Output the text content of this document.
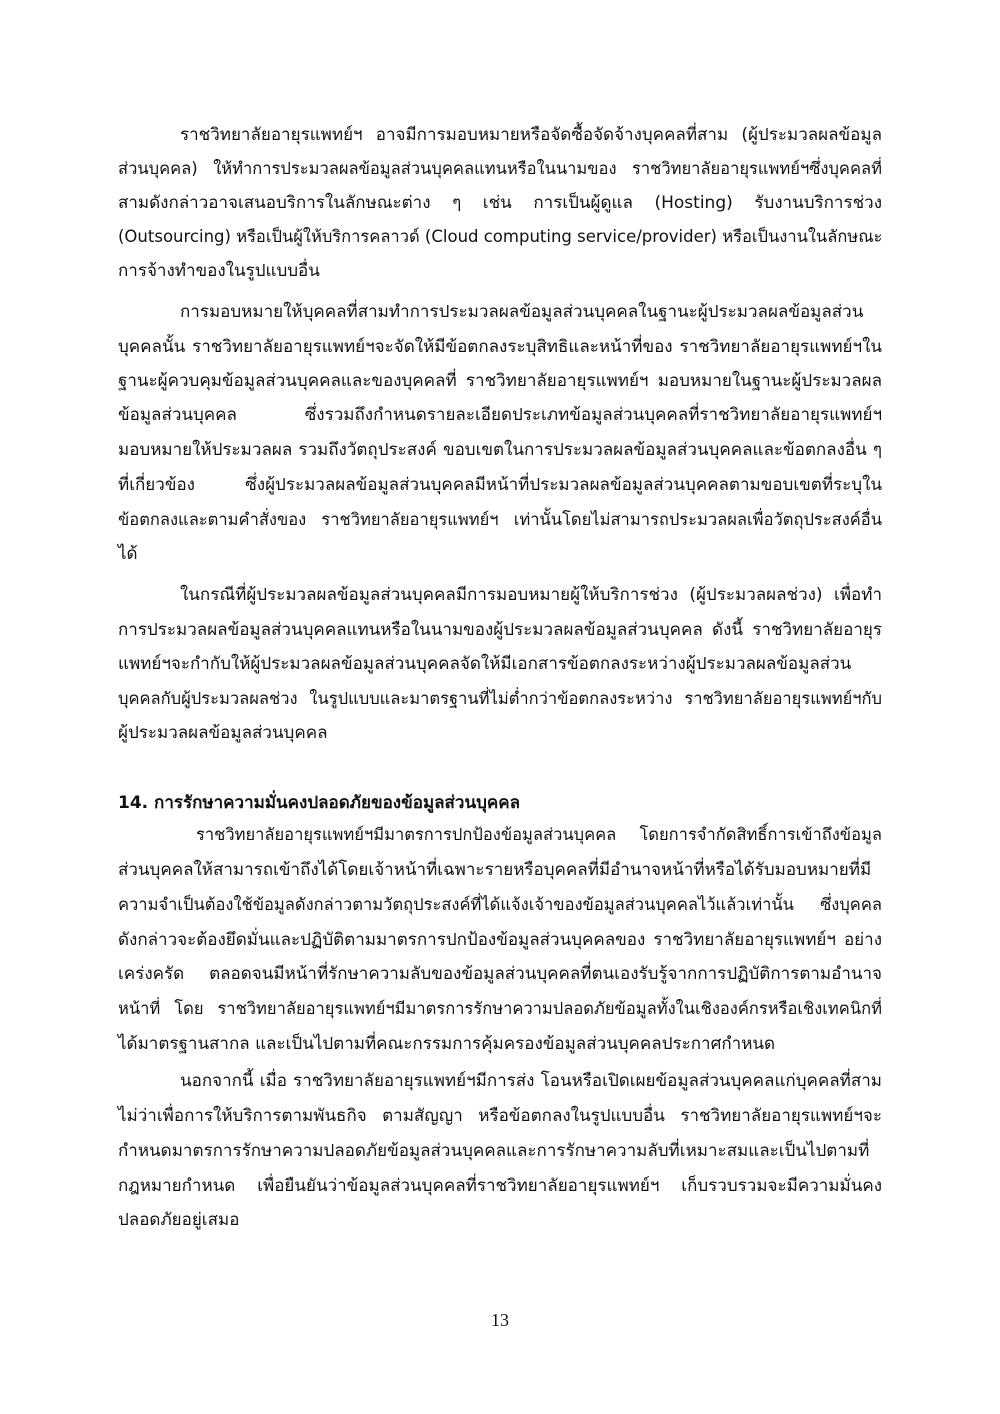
ราชวิทยาลัยอายุรแพทย์ฯ อาจมีการมอบหมายหรือจัดซื้อจัดจ้างบุคคลที่สาม (ผู้ประมวลผลข้อมูล

ส่วนบุคคล) ให้ทำการประมวลผลข้อมูลส่วนบุคคลแทนหรือในนามของ ราชวิทยาลัยอายุรแพทย์ฯซึ่งบุคคลที่

สามดังกล่าวอาจเสนอบริการในลักษณะต่าง ๆ เช่น การเป็นผู้ดูแล (Hosting) รับงานบริการช่วง

(Outsourcing) หรือเป็นผู้ให้บริการคลาวด์ (Cloud computing service/provider) หรือเป็นงานในลักษณะ

การจ้างทำของในรูปแบบอื่น

การมอบหมายให้บุคคลที่สามทำการประมวลผลข้อมูลส่วนบุคคลในฐานะผู้ประมวลผลข้อมูลส่วน

บุคคลนั้น ราชวิทยาลัยอายุรแพทย์ฯจะจัดให้มีข้อตกลงระบุสิทธิและหน้าที่ของ ราชวิทยาลัยอายุรแพทย์ฯใน

ฐานะผู้ควบคุมข้อมูลส่วนบุคคลและของบุคคลที่ ราชวิทยาลัยอายุรแพทย์ฯ มอบหมายในฐานะผู้ประมวลผล

ข้อมูลส่วนบุคคล ซึ่งรวมถึงกำหนดรายละเอียดประเภทข้อมูลส่วนบุคคลที่ราชวิทยาลัยอายุรแพทย์ฯ

มอบหมายให้ประมวลผล รวมถึงวัตถุประสงค์ ขอบเขตในการประมวลผลข้อมูลส่วนบุคคลและข้อตกลงอื่น ๆ

ที่เกี่ยวข้อง ซึ่งผู้ประมวลผลข้อมูลส่วนบุคคลมีหน้าที่ประมวลผลข้อมูลส่วนบุคคลตามขอบเขตที่ระบุใน

ข้อตกลงและตามคำสั่งของ ราชวิทยาลัยอายุรแพทย์ฯ เท่านั้นโดยไม่สามารถประมวลผลเพื่อวัตถุประสงค์อื่น

ได้

ในกรณีที่ผู้ประมวลผลข้อมูลส่วนบุคคลมีการมอบหมายผู้ให้บริการช่วง (ผู้ประมวลผลช่วง) เพื่อทำ

การประมวลผลข้อมูลส่วนบุคคลแทนหรือในนามของผู้ประมวลผลข้อมูลส่วนบุคคล ดังนี้ ราชวิทยาลัยอายุร

แพทย์ฯจะกำกับให้ผู้ประมวลผลข้อมูลส่วนบุคคลจัดให้มีเอกสารข้อตกลงระหว่างผู้ประมวลผลข้อมูลส่วน

บุคคลกับผู้ประมวลผลช่วง ในรูปแบบและมาตรฐานที่ไม่ต่ำกว่าข้อตกลงระหว่าง ราชวิทยาลัยอายุรแพทย์ฯกับ

ผู้ประมวลผลข้อมูลส่วนบุคคล

14. การรักษาความมั่นคงปลอดภัยของข้อมูลส่วนบุคคล

ราชวิทยาลัยอายุรแพทย์ฯมีมาตรการปกป้องข้อมูลส่วนบุคคล โดยการจำกัดสิทธิ์การเข้าถึงข้อมูล

ส่วนบุคคลให้สามารถเข้าถึงได้โดยเจ้าหน้าที่เฉพาะรายหรือบุคคลที่มีอำนาจหน้าที่หรือได้รับมอบหมายที่มี

ความจำเป็นต้องใช้ข้อมูลดังกล่าวตามวัตถุประสงค์ที่ได้แจ้งเจ้าของข้อมูลส่วนบุคคลไว้แล้วเท่านั้น ซึ่งบุคคล

ดังกล่าวจะต้องยึดมั่นและปฏิบัติตามมาตรการปกป้องข้อมูลส่วนบุคคลของ ราชวิทยาลัยอายุรแพทย์ฯ อย่าง

เคร่งครัด ตลอดจนมีหน้าที่รักษาความลับของข้อมูลส่วนบุคคลที่ตนเองรับรู้จากการปฏิบัติการตามอำนาจ

หน้าที่ โดย ราชวิทยาลัยอายุรแพทย์ฯมีมาตรการรักษาความปลอดภัยข้อมูลทั้งในเชิงองค์กรหรือเชิงเทคนิกที่

ได้มาตรฐานสากล และเป็นไปตามที่คณะกรรมการคุ้มครองข้อมูลส่วนบุคคลประกาศกำหนด

นอกจากนี้ เมื่อ ราชวิทยาลัยอายุรแพทย์ฯมีการส่ง โอนหรือเปิดเผยข้อมูลส่วนบุคคลแก่บุคคลที่สาม

ไม่ว่าเพื่อการให้บริการตามพันธกิจ ตามสัญญา หรือข้อตกลงในรูปแบบอื่น ราชวิทยาลัยอายุรแพทย์ฯจะ

กำหนดมาตรการรักษาความปลอดภัยข้อมูลส่วนบุคคลและการรักษาความลับที่เหมาะสมและเป็นไปตามที่

กฎหมายกำหนด เพื่อยืนยันว่าข้อมูลส่วนบุคคลที่ราชวิทยาลัยอายุรแพทย์ฯ เก็บรวบรวมจะมีความมั่นคง

ปลอดภัยอยู่เสมอ

13
